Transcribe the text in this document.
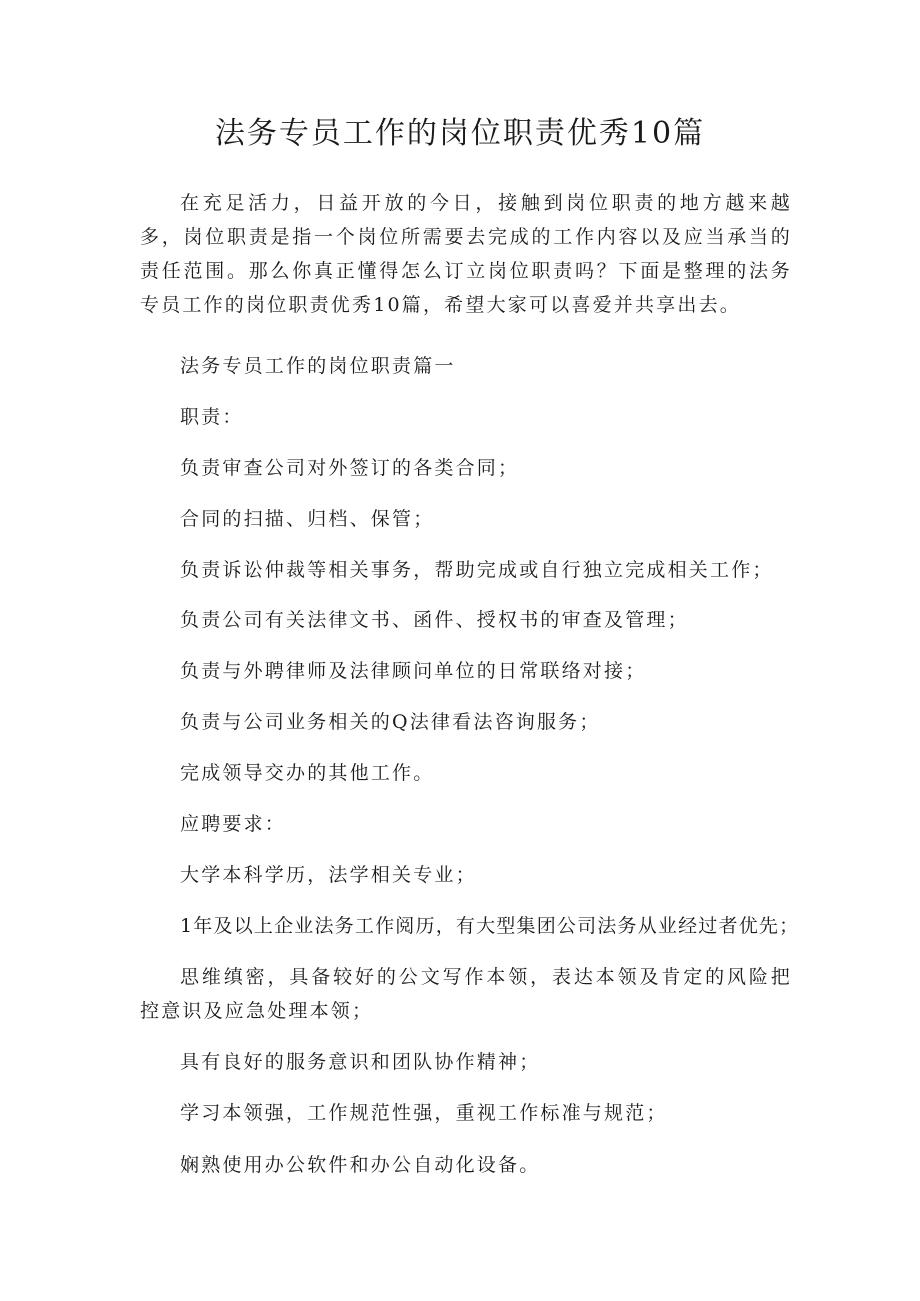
法务专员工作的岗位职责优秀10篇

在充足活力，日益开放的今日，接触到岗位职责的地方越来越多，岗位职责是指一个岗位所需要去完成的工作内容以及应当承当的责任范围。那么你真正懂得怎么订立岗位职责吗？下面是整理的法务专员工作的岗位职责优秀10篇，希望大家可以喜爱并共享出去。

法务专员工作的岗位职责篇一

职责：

负责审查公司对外签订的各类合同；

合同的扫描、归档、保管；

负责诉讼仲裁等相关事务，帮助完成或自行独立完成相关工作；

负责公司有关法律文书、函件、授权书的审查及管理；

负责与外聘律师及法律顾问单位的日常联络对接；

负责与公司业务相关的Q法律看法咨询服务；

完成领导交办的其他工作。

应聘要求：

大学本科学历，法学相关专业；

1年及以上企业法务工作阅历，有大型集团公司法务从业经过者优先；

思维缜密，具备较好的公文写作本领，表达本领及肯定的风险把控意识及应急处理本领；

具有良好的服务意识和团队协作精神；

学习本领强，工作规范性强，重视工作标准与规范；

娴熟使用办公软件和办公自动化设备。
